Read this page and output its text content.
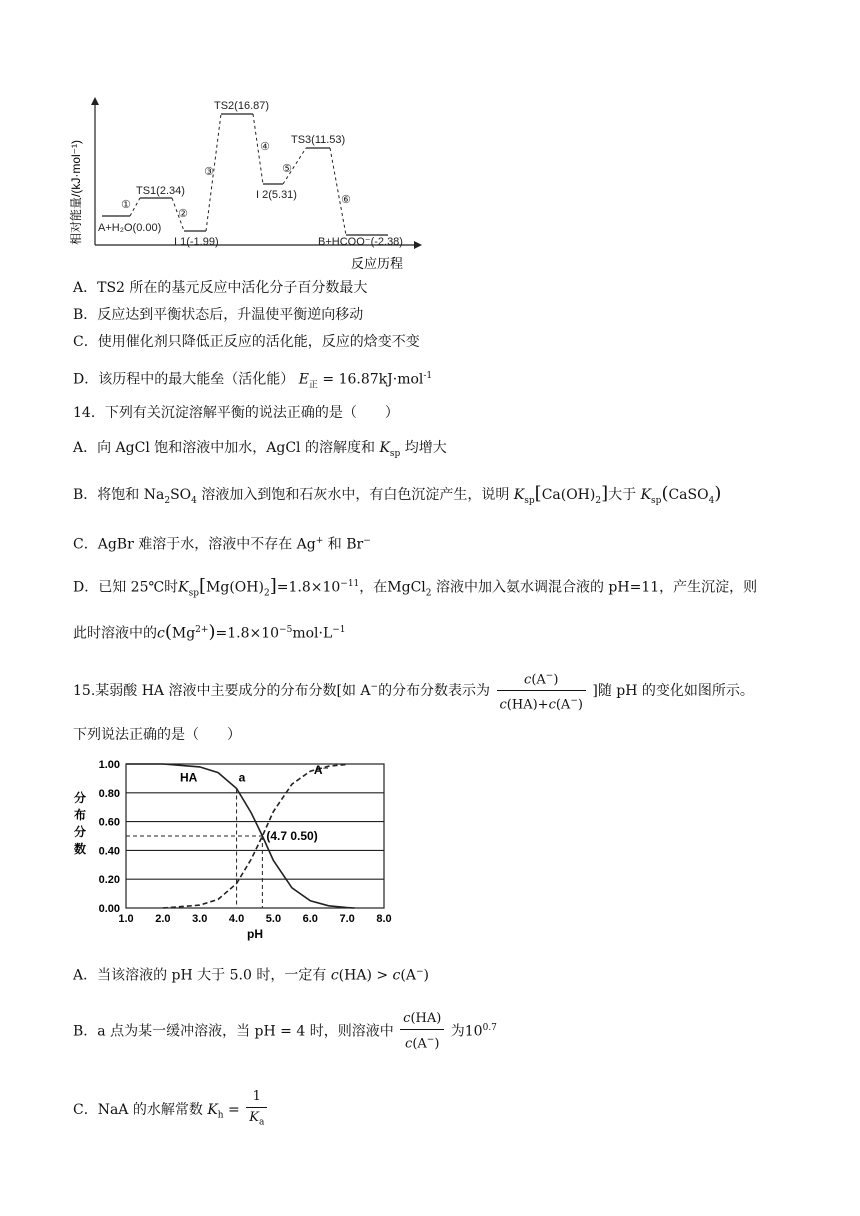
相对能量/(kJ·mol⁻¹) A+H₂O(0.00)
TS1(2.34)
I 1(-1.99)
TS2(16.87)
I 2(5.31)
TS3(11.53)
B+HCOO⁻(-2.38)
①
②
③
④
⑤
⑥
反应历程
A．TS2 所在的基元反应中活化分子百分数最大
B．反应达到平衡状态后，升温使平衡逆向移动
C．使用催化剂只降低正反应的活化能，反应的焓变不变
D．该历程中的最大能垒（活化能） $E_正 = 16.87kJ\cdot mol^{-1}$
14．下列有关沉淀溶解平衡的说法正确的是（　　）
A．向 AgCl 饱和溶液中加水，AgCl 的溶解度和 $K_{sp}$ 均增大
B．将饱和 $Na_2SO_4$ 溶液加入到饱和石灰水中，有白色沉淀产生，说明 $K_{sp}[Ca(OH)_2]$大于 $K_{sp}(CaSO_4)$
C．AgBr 难溶于水，溶液中不存在 Ag+ 和 Br−
D．已知 25℃时$K_{sp}[Mg(OH)_2]=1.8\times 10^{-11}$，在MgCl$_2$ 溶液中加入氨水调混合液的 pH=11，产生沉淀，则
此时溶液中的$c(Mg^{2+})=1.8\times 10^{-5}mol\cdot L^{-1}$
15.某弱酸 HA 溶液中主要成分的分布分数[如 A−的分布分数表示为 $\frac{c(A^-)}{c(HA)+c(A^-)}$ ]随 pH 的变化如图所示。
下列说法正确的是（　　）
0.00
0.20
0.40
0.60
0.80
1.00
1.0 2.0 3.0 4.0 5.0 6.0 7.0 8.0
pH
分
布
分
数
HA
A⁻
a
(4.7 0.50)
A．当该溶液的 pH 大于 5.0 时，一定有 c(HA) > c(A−)
B．a 点为某一缓冲溶液，当 pH = 4 时，则溶液中 $\frac{c(HA)}{c(A^-)}$ 为$10^{0.7}$
C．NaA 的水解常数 $K_h = \frac{1}{K_a}$
